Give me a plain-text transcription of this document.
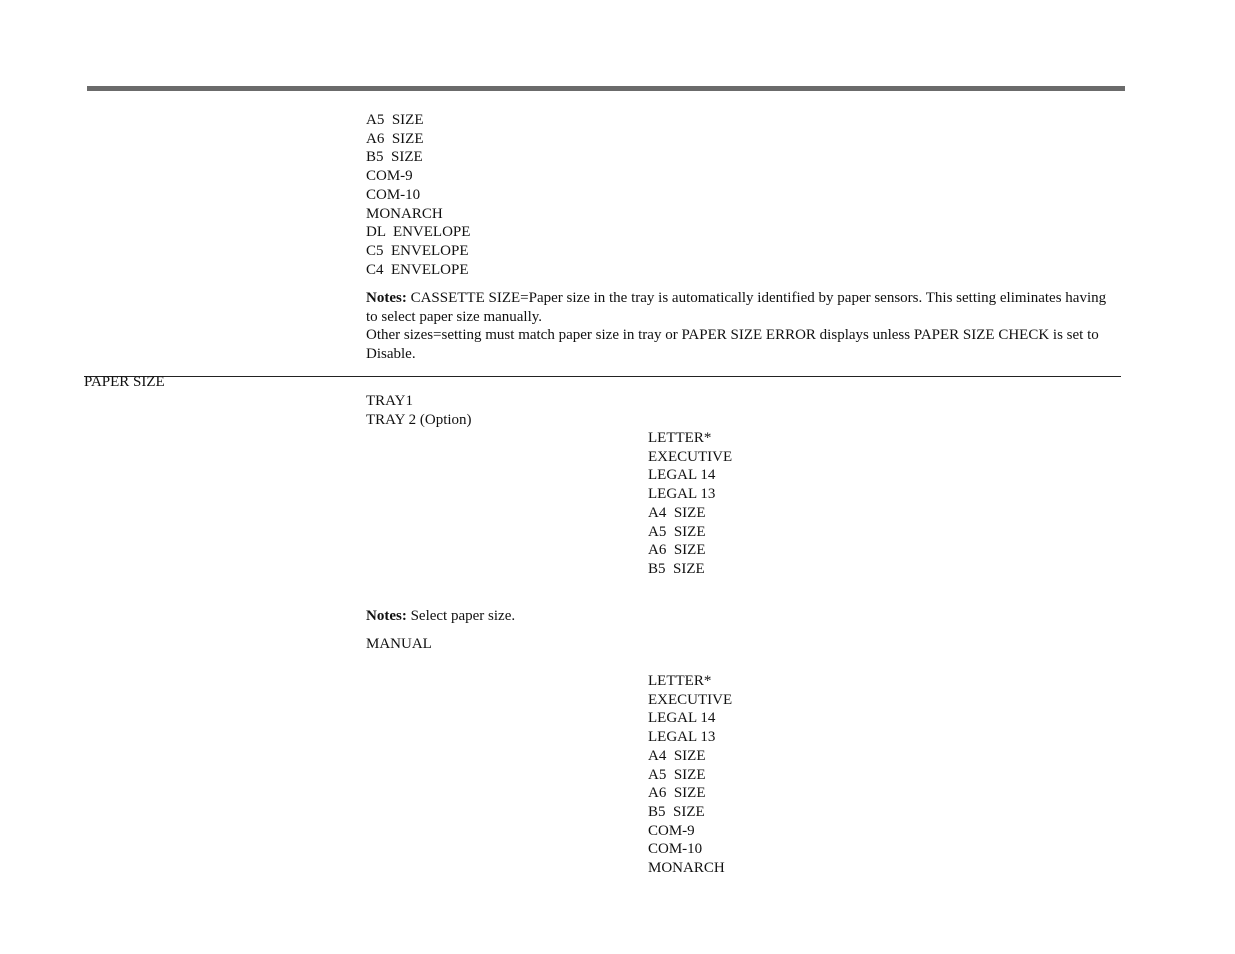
A5  SIZE
A6  SIZE
B5  SIZE
COM-9
COM-10
MONARCH
DL  ENVELOPE
C5  ENVELOPE
C4  ENVELOPE
Notes: CASSETTE SIZE=Paper size in the tray is automatically identified by paper sensors. This setting eliminates having to select paper size manually.
Other sizes=setting must match paper size in tray or PAPER SIZE ERROR displays unless PAPER SIZE CHECK is set to Disable.
PAPER SIZE
TRAY1
TRAY 2 (Option)
LETTER*
EXECUTIVE
LEGAL 14
LEGAL 13
A4  SIZE
A5  SIZE
A6  SIZE
B5  SIZE
Notes: Select paper size.
MANUAL
LETTER*
EXECUTIVE
LEGAL 14
LEGAL 13
A4  SIZE
A5  SIZE
A6  SIZE
B5  SIZE
COM-9
COM-10
MONARCH
